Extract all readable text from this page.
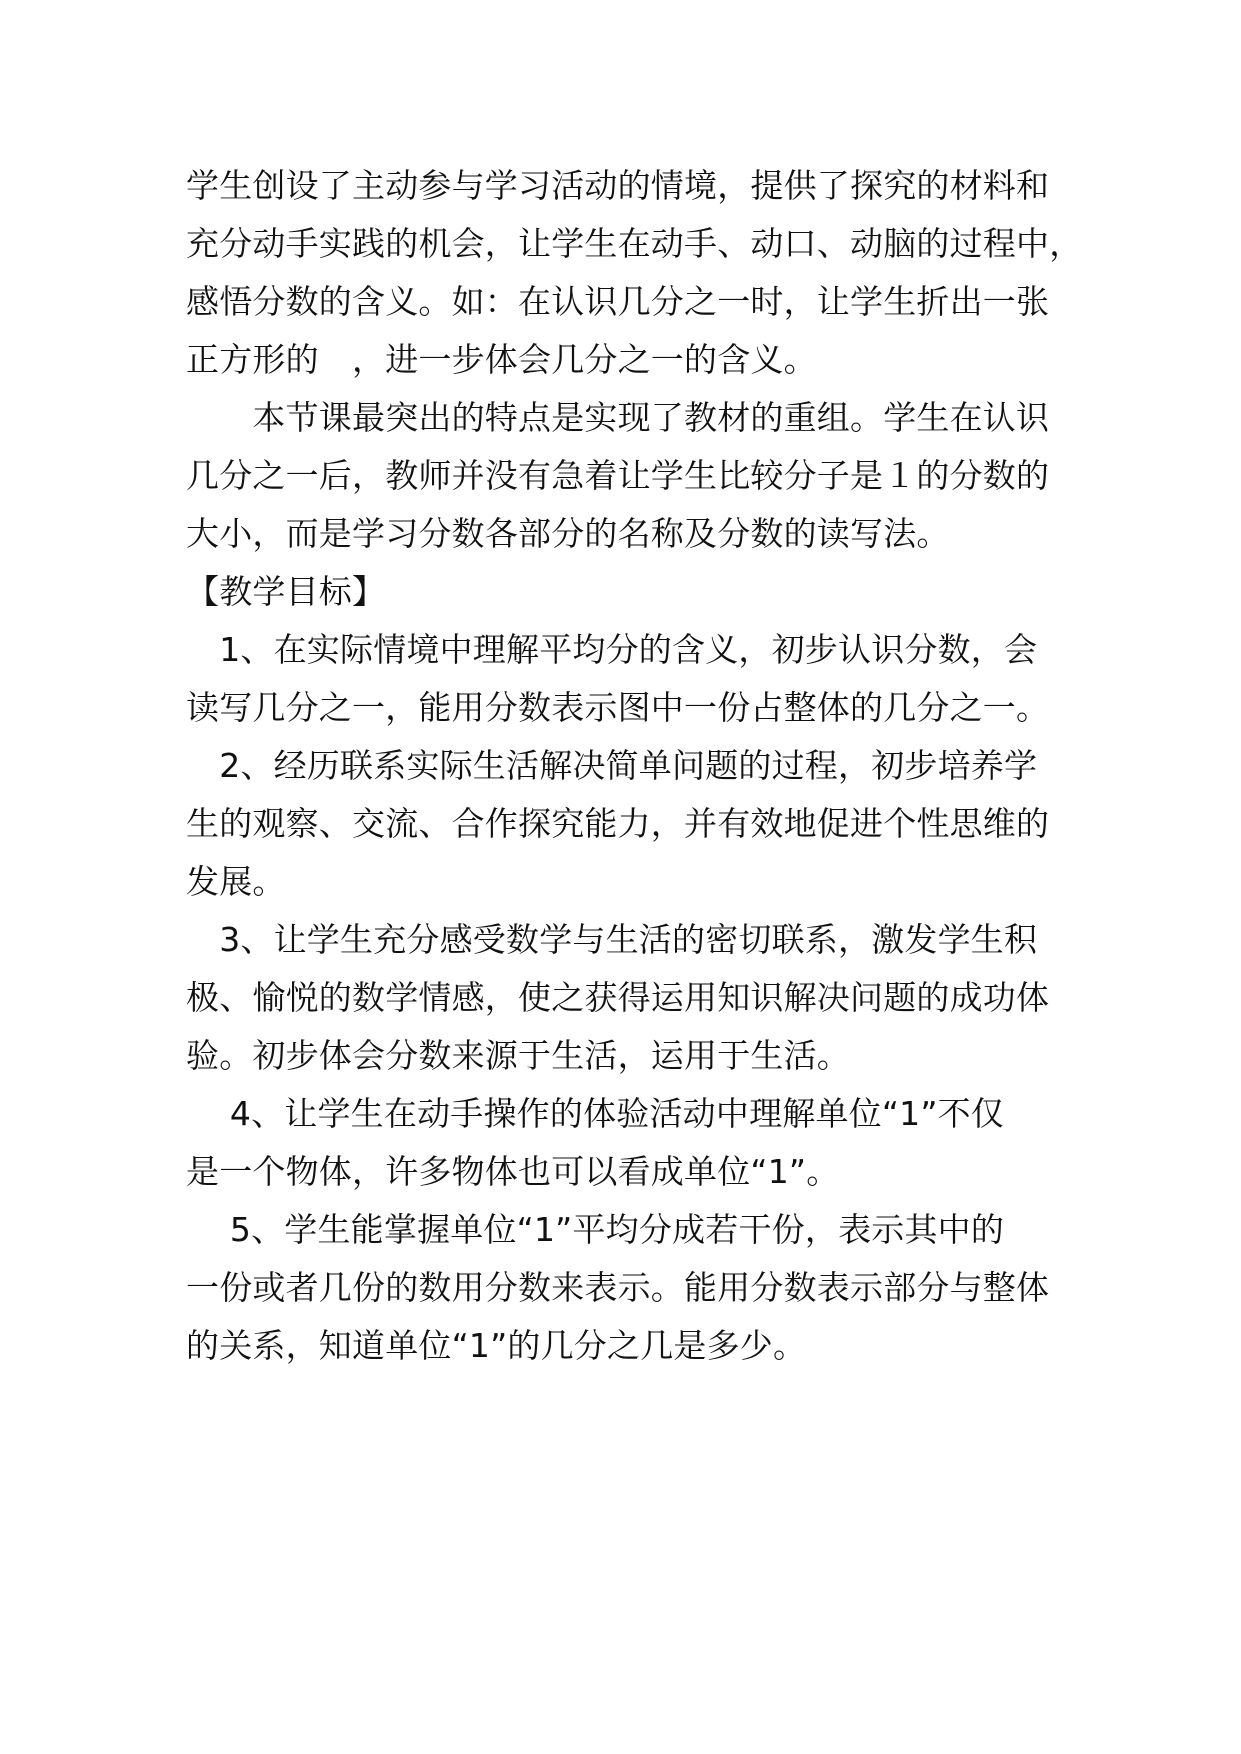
学生创设了主动参与学习活动的情境，提供了探究的材料和
充分动手实践的机会，让学生在动手、动口、动脑的过程中，
感悟分数的含义。如：在认识几分之一时，让学生折出一张
正方形的　，进一步体会几分之一的含义。
　　本节课最突出的特点是实现了教材的重组。学生在认识
几分之一后，教师并没有急着让学生比较分子是１的分数的
大小，而是学习分数各部分的名称及分数的读写法。
【教学目标】
　1、在实际情境中理解平均分的含义，初步认识分数，会
读写几分之一，能用分数表示图中一份占整体的几分之一。
　2、经历联系实际生活解决简单问题的过程，初步培养学
生的观察、交流、合作探究能力，并有效地促进个性思维的
发展。
　3、让学生充分感受数学与生活的密切联系，激发学生积
极、愉悦的数学情感，使之获得运用知识解决问题的成功体
验。初步体会分数来源于生活，运用于生活。
　 4、让学生在动手操作的体验活动中理解单位“1”不仅
是一个物体，许多物体也可以看成单位“1”。
　 5、学生能掌握单位“1”平均分成若干份，表示其中的
一份或者几份的数用分数来表示。能用分数表示部分与整体
的关系，知道单位“1”的几分之几是多少。
